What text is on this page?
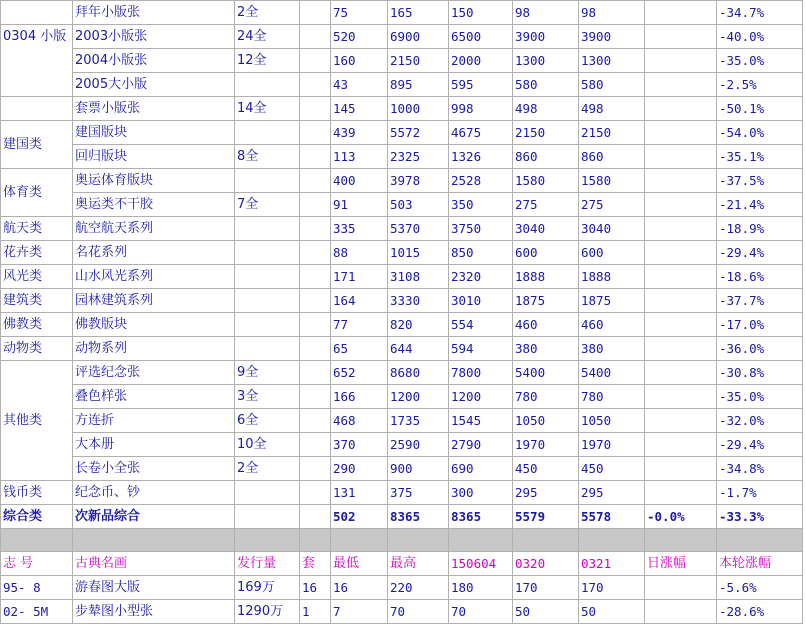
	拜年小版张	2全		75	165	150	98	98		-34.7%
0304 小版	2003小版张	24全		520	6900	6500	3900	3900		-40.0%
	2004小版张	12全		160	2150	2000	1300	1300		-35.0%
	2005大小版			43	895	595	580	580		-2.5%
	套票小版张	14全		145	1000	998	498	498		-50.1%
建国类	建国版块			439	5572	4675	2150	2150		-54.0%
	回归版块	8全		113	2325	1326	860	860		-35.1%
体育类	奥运体育版块			400	3978	2528	1580	1580		-37.5%
	奥运类不干胶	7全		91	503	350	275	275		-21.4%
航天类	航空航天系列			335	5370	3750	3040	3040		-18.9%
花卉类	名花系列			88	1015	850	600	600		-29.4%
风光类	山水风光系列			171	3108	2320	1888	1888		-18.6%
建筑类	园林建筑系列			164	3330	3010	1875	1875		-37.7%
佛教类	佛教版块			77	820	554	460	460		-17.0%
动物类	动物系列			65	644	594	380	380		-36.0%
其他类	评选纪念张	9全		652	8680	7800	5400	5400		-30.8%
	叠色样张	3全		166	1200	1200	780	780		-35.0%
	方连折	6全		468	1735	1545	1050	1050		-32.0%
	大本册	10全		370	2590	2790	1970	1970		-29.4%
	长卷小全张	2全		290	900	690	450	450		-34.8%
钱币类	纪念币、钞			131	375	300	295	295		-1.7%
综合类	次新品综合			502	8365	8365	5579	5578	-0.0%	-33.3%

志 号	古典名画	发行量	套	最低	最高	150604	0320	0321	日涨幅	本轮涨幅
95- 8	游春图大版	169万	16	16	220	180	170	170		-5.6%
02- 5M	步辇图小型张	1290万	1	7	70	70	50	50		-28.6%
